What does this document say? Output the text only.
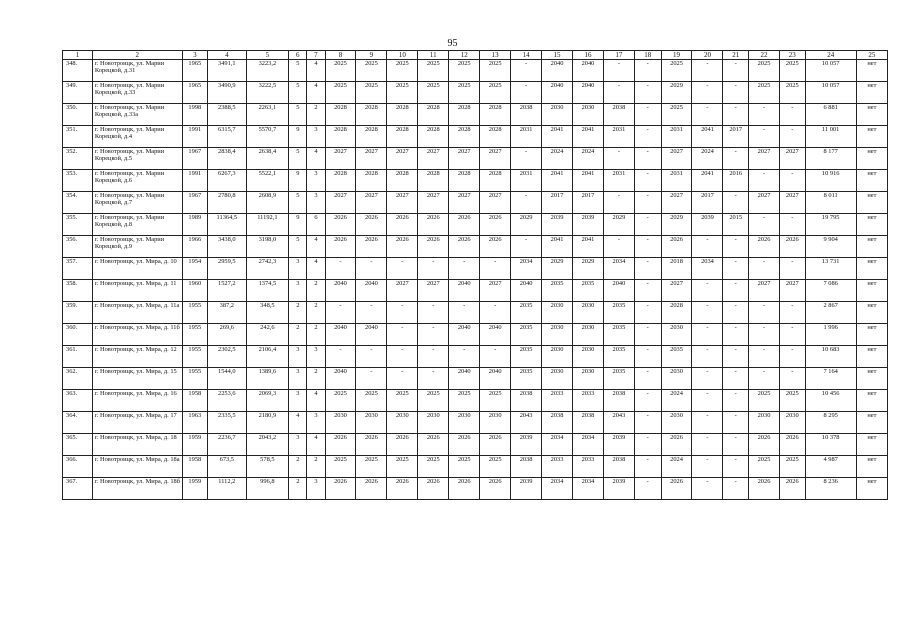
95
1	2	3	4	5	6	7	8	9	10	11	12	13	14	15	16	17	18	19	20	21	22	23	24	25
348.	г. Новотроицк, ул. Марии Корецкой, д.31	1965	3491,1	3223,2	5	4	2025	2025	2025	2025	2025	2025	-	2040	2040	-	-	2025	-	-	2025	2025	10 057	нет
349.	г. Новотроицк, ул. Марии Корецкой, д.33	1965	3490,9	3222,5	5	4	2025	2025	2025	2025	2025	2025	-	2040	2040	-	-	2029	-	-	2025	2025	10 057	нет
350.	г. Новотроицк, ул. Марии Корецкой, д.33а	1998	2388,5	2263,1	5	2	2028	2028	2028	2028	2028	2028	2038	2030	2030	2038	-	2025	-	-	-	-	6 881	нет
351.	г. Новотроицк, ул. Марии Корецкой, д.4	1991	6315,7	5570,7	9	3	2028	2028	2028	2028	2028	2028	2031	2041	2041	2031	-	2031	2041	2017	-	-	11 001	нет
352.	г. Новотроицк, ул. Марии Корецкой, д.5	1967	2838,4	2638,4	5	4	2027	2027	2027	2027	2027	2027	-	2024	2024	-	-	2027	2024	-	2027	2027	8 177	нет
353.	г. Новотроицк, ул. Марии Корецкой, д.6	1991	6267,3	5522,1	9	3	2028	2028	2028	2028	2028	2028	2031	2041	2041	2031	-	2031	2041	2016	-	-	10 916	нет
354.	г. Новотроицк, ул. Марии Корецкой, д.7	1967	2780,8	2608,9	5	3	2027	2027	2027	2027	2027	2027	-	2017	2017	-	-	2027	2017	-	2027	2027	8 011	нет
355.	г. Новотроицк, ул. Марии Корецкой, д.8	1989	11364,5	11192,1	9	6	2026	2026	2026	2026	2026	2026	2029	2039	2039	2029	-	2029	2039	2015	-	-	19 795	нет
356.	г. Новотроицк, ул. Марии Корецкой, д.9	1966	3438,0	3198,0	5	4	2026	2026	2026	2026	2026	2026	-	2041	2041	-	-	2026	-	-	2026	2026	9 904	нет
357.	г. Новотроицк, ул. Мира, д. 10	1954	2959,5	2742,3	3	4	-	-	-	-	-	-	2034	2029	2029	2034	-	2018	2034	-	-	-	13 731	нет
358.	г. Новотроицк, ул. Мира, д. 11	1960	1527,2	1374,5	3	2	2040	2040	2027	2027	2040	2027	2040	2035	2035	2040	-	2027	-	-	2027	2027	7 086	нет
359.	г. Новотроицк, ул. Мира, д. 11а	1955	387,2	348,5	2	2	-	-	-	-	-	-	2035	2030	2030	2035	-	2028	-	-	-	-	2 867	нет
360.	г. Новотроицк, ул. Мира, д. 11б	1955	269,6	242,6	2	2	2040	2040	-	-	2040	2040	2035	2030	2030	2035	-	2030	-	-	-	-	1 996	нет
361.	г. Новотроицк, ул. Мира, д. 12	1955	2302,5	2106,4	3	3	-	-	-	-	-	-	2035	2030	2030	2035	-	2035	-	-	-	-	10 683	нет
362.	г. Новотроицк, ул. Мира, д. 15	1955	1544,0	1389,6	3	2	2040	-	-	-	2040	2040	2035	2030	2030	2035	-	2030	-	-	-	-	7 164	нет
363.	г. Новотроицк, ул. Мира, д. 16	1958	2253,6	2069,3	3	4	2025	2025	2025	2025	2025	2025	2038	2033	2033	2038	-	2024	-	-	2025	2025	10 456	нет
364.	г. Новотроицк, ул. Мира, д. 17	1963	2335,5	2180,9	4	3	2030	2030	2030	2030	2030	2030	2043	2038	2038	2043	-	2030	-	-	2030	2030	8 295	нет
365.	г. Новотроицк, ул. Мира, д. 18	1959	2236,7	2043,2	3	4	2026	2026	2026	2026	2026	2026	2039	2034	2034	2039	-	2026	-	-	2026	2026	10 378	нет
366.	г. Новотроицк, ул. Мира, д. 18а	1958	673,5	578,5	2	2	2025	2025	2025	2025	2025	2025	2038	2033	2033	2038	-	2024	-	-	2025	2025	4 987	нет
367.	г. Новотроицк, ул. Мира, д. 18б	1959	1112,2	996,8	2	3	2026	2026	2026	2026	2026	2026	2039	2034	2034	2039	-	2026	-	-	2026	2026	8 236	нет
